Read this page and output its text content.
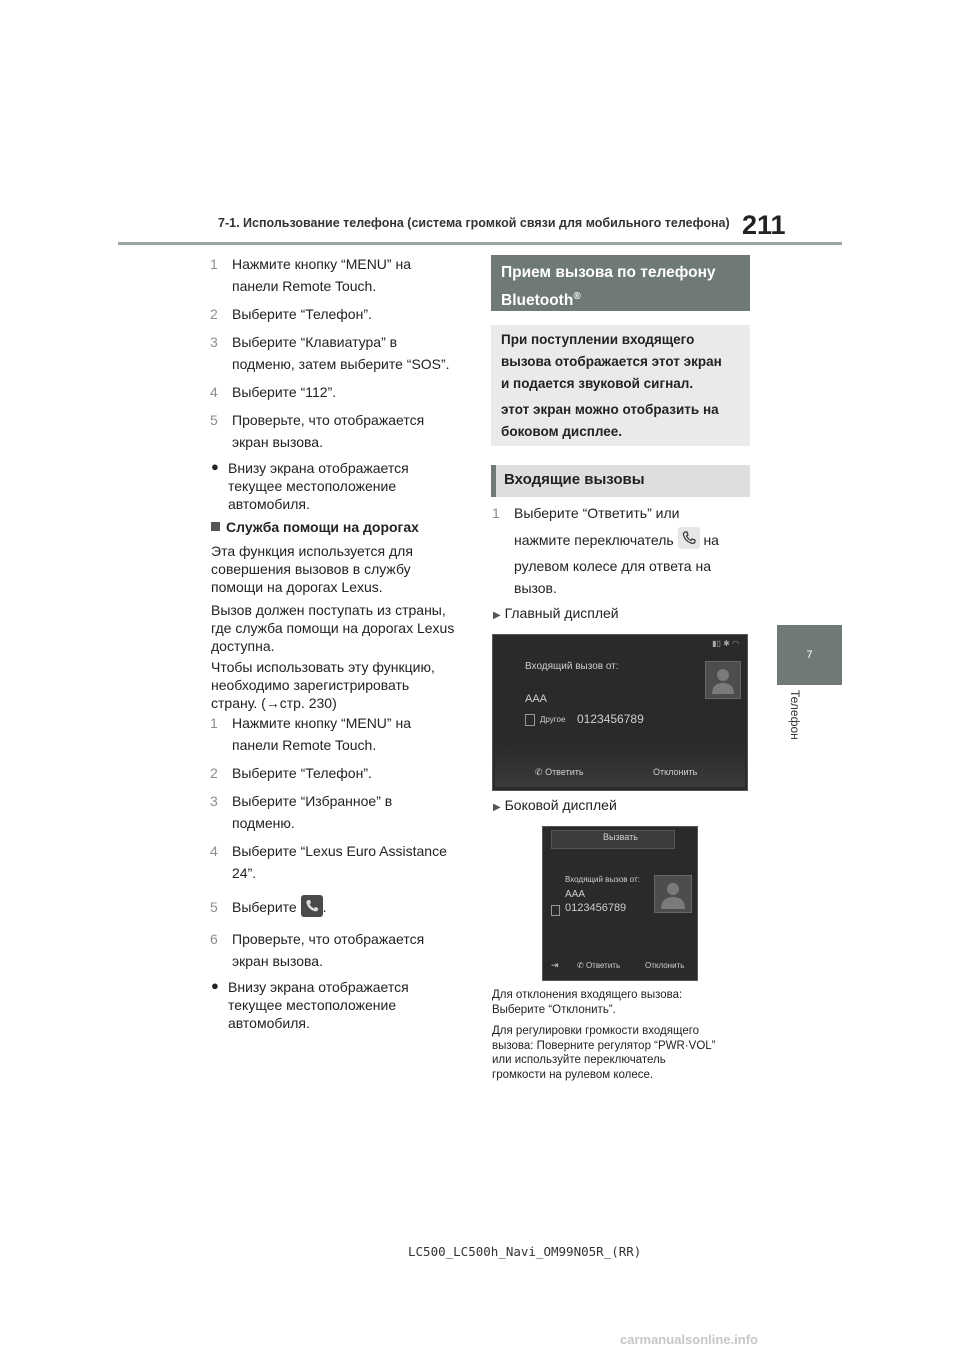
7-1. Использование телефона (система громкой связи для мобильного телефона) 211
7
Телефон
1 Нажмите кнопку “MENU” на
панели Remote Touch.
2 Выберите “Телефон”.
3 Выберите “Клавиатура” в
подменю, затем выберите “SOS”.
4 Выберите “112”.
5 Проверьте, что отображается
экран вызова.
● Внизу экрана отображается
текущее местоположение
автомобиля.
Служба помощи на дорогах
Эта функция используется для
совершения вызовов в службу
помощи на дорогах Lexus.
Вызов должен поступать из страны,
где служба помощи на дорогах Lexus
доступна.
Чтобы использовать эту функцию,
необходимо зарегистрировать
страну. (→стр. 230)
1 Нажмите кнопку “MENU” на
панели Remote Touch.
2 Выберите “Телефон”.
3 Выберите “Избранное” в
подменю.
4 Выберите “Lexus Euro Assistance
24”.
5 Выберите .
6 Проверьте, что отображается
экран вызова.
● Внизу экрана отображается
текущее местоположение
автомобиля.
Прием вызова по телефону
Bluetooth®
При поступлении входящего
вызова отображается этот экран
и подается звуковой сигнал.
этот экран можно отобразить на
боковом дисплее.
Входящие вызовы
1 Выберите “Ответить” или
нажмите переключатель на
рулевом колесе для ответа на
вызов.
▶ Главный дисплей
▮▯ ✱ ◠
Входящий вызов от:
AAA
Другое 0123456789
✆ Ответить	Отклонить
▶ Боковой дисплей
Вызвать
Входящий вызов от:
AAA
0123456789
⇥ ✆ Ответить	Отклонить
Для отклонения входящего вызова:
Выберите “Отклонить”.
Для регулировки громкости входящего
вызова: Поверните регулятор “PWR·VOL”
или используйте переключатель
громкости на рулевом колесе.
LC500_LC500h_Navi_OM99N05R_(RR)
carmanualsonline.info
